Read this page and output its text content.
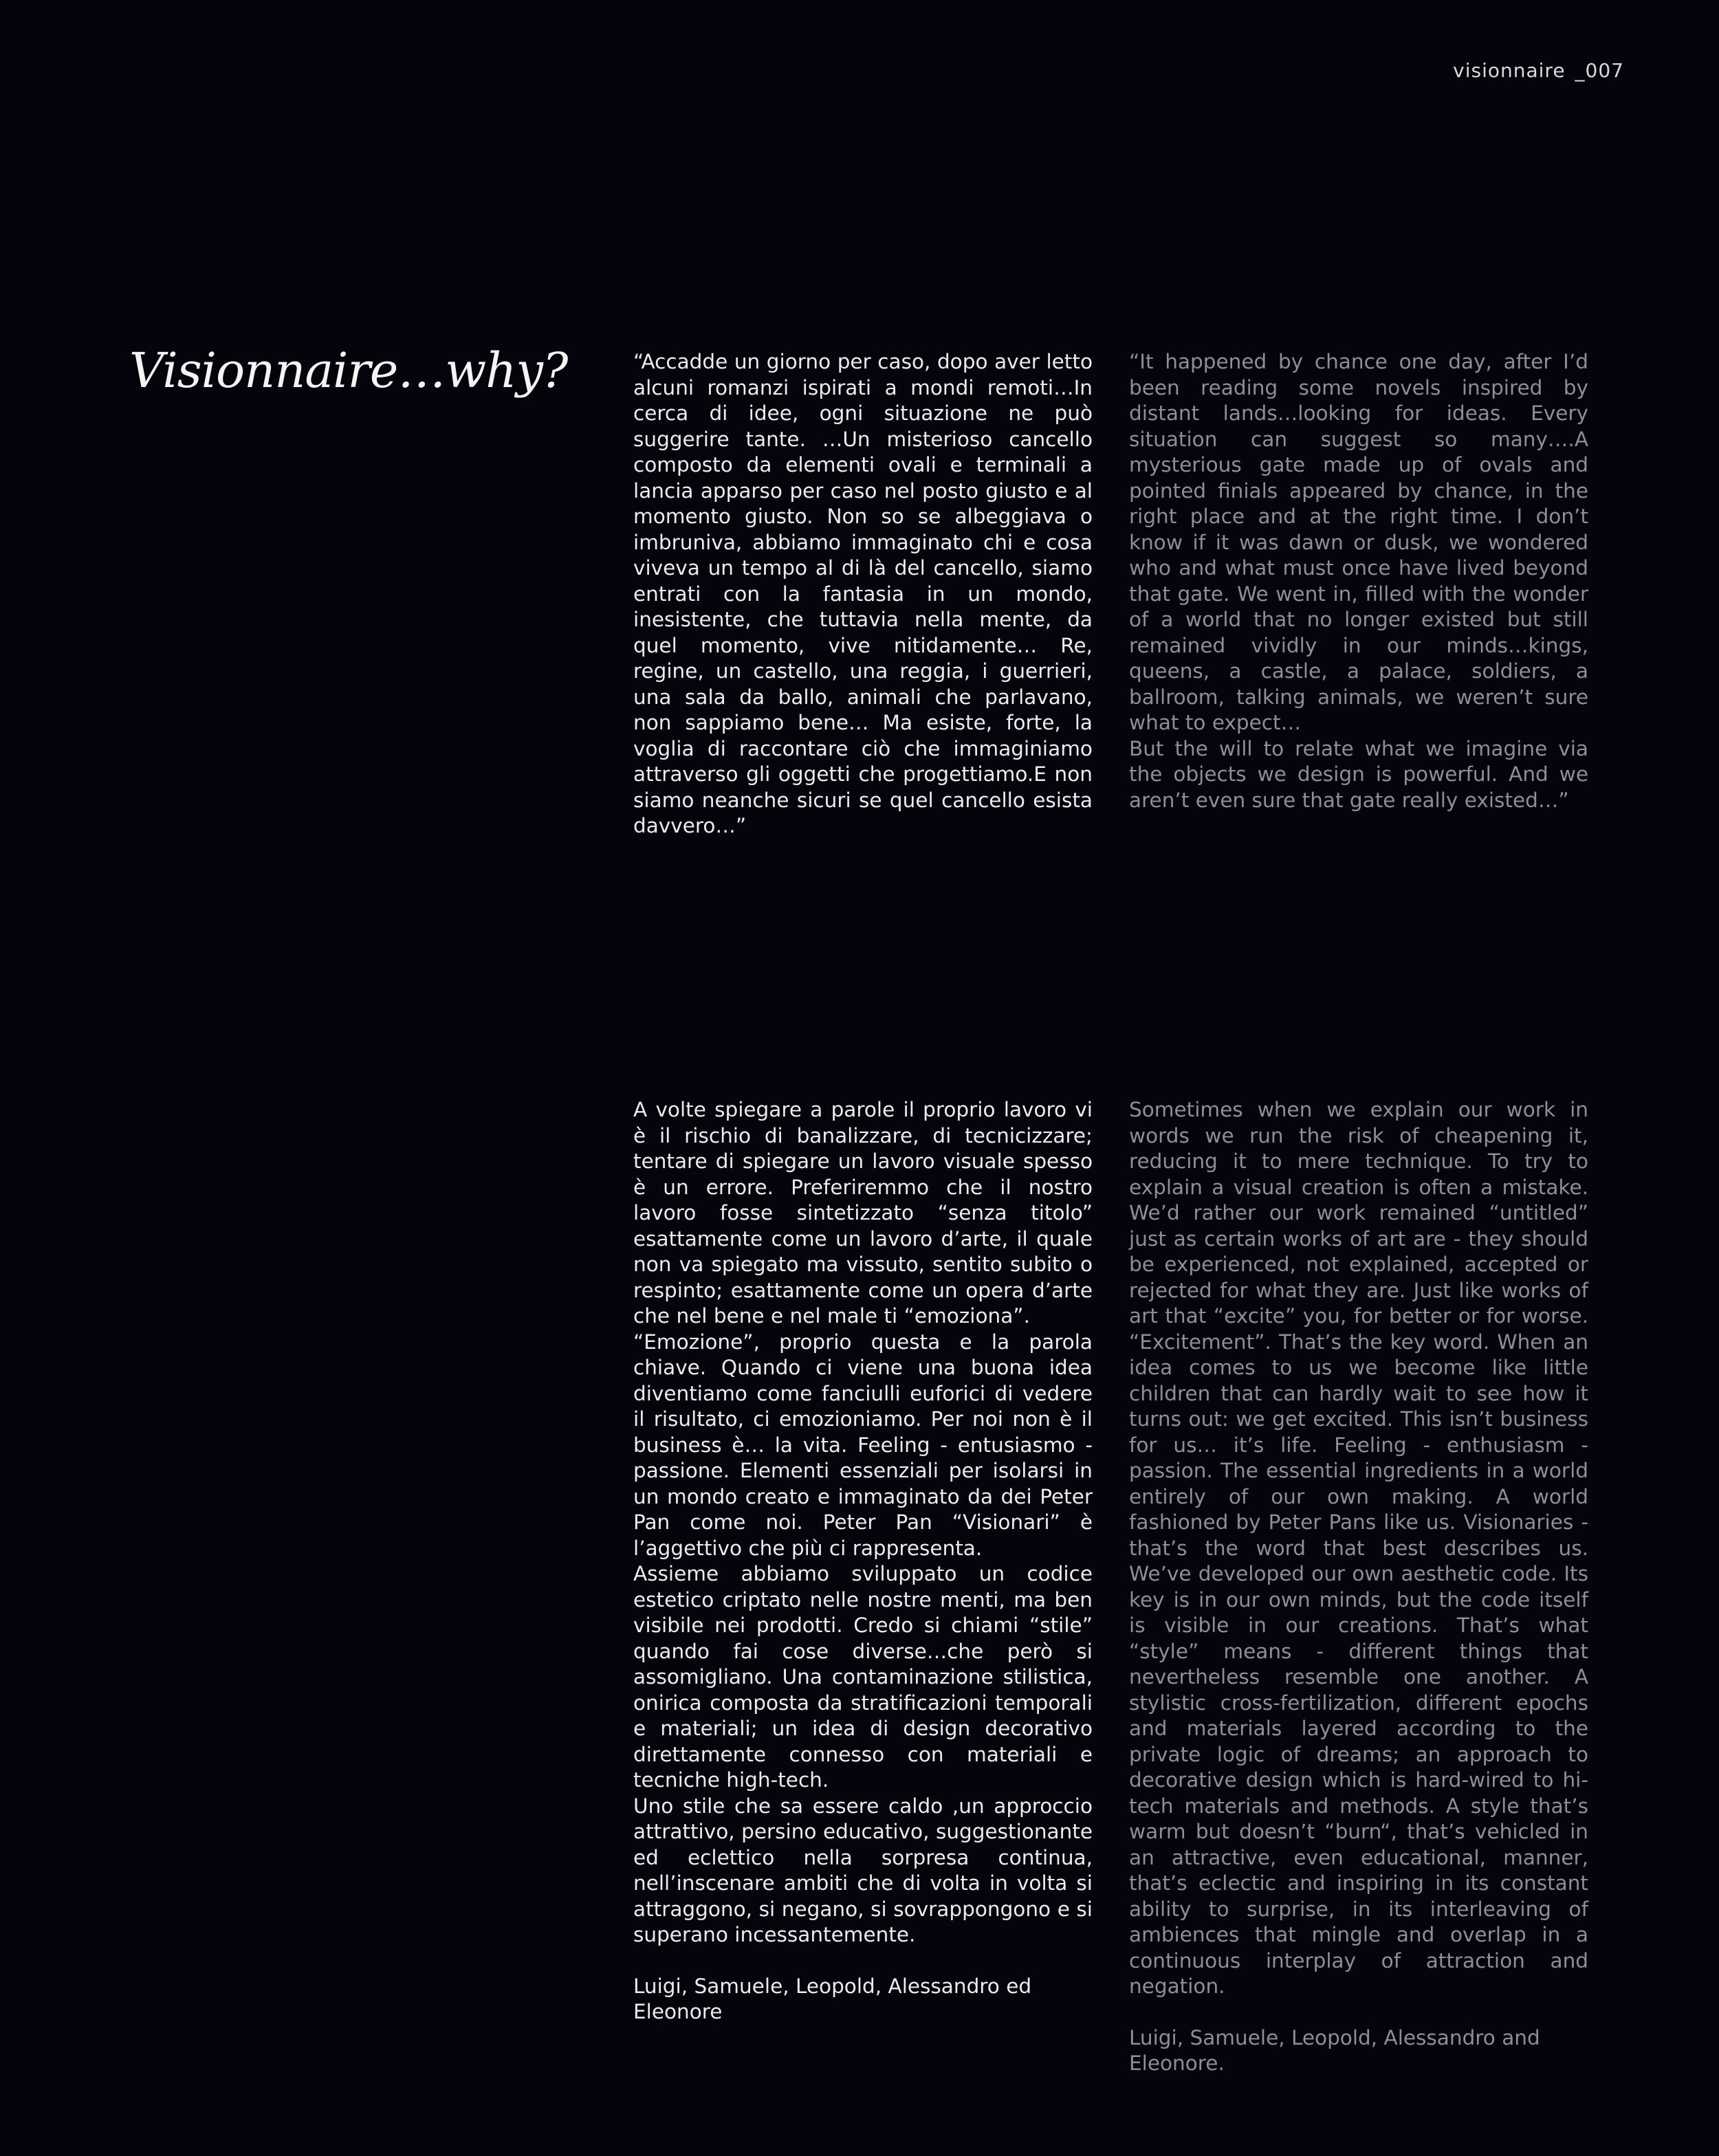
visionnaire _007
Visionnaire…why?	“Accadde un giorno per caso, dopo aver letto alcuni romanzi ispirati a mondi remoti…In cerca di idee, ogni situazione ne può suggerire tante. …Un misterioso cancello composto da elementi ovali e terminali a lancia apparso per caso nel posto giusto e al momento giusto. Non so se albeggiava o imbruniva, abbiamo immaginato chi e cosa viveva un tempo al di là del cancello, siamo entrati con la fantasia in un mondo, inesistente, che tuttavia nella mente, da quel momento, vive nitidamente… Re, regine, un castello, una reggia, i guerrieri, una sala da ballo, animali che parlavano, non sappiamo bene… Ma esiste, forte, la voglia di raccontare ciò che immaginiamo attraverso gli oggetti che progettiamo.E non siamo neanche sicuri se quel cancello esista davvero…”

“It happened by chance one day, after I’d been reading some novels inspired by distant lands…looking for ideas. Every situation can suggest so many….A mysterious gate made up of ovals and pointed finials appeared by chance, in the right place and at the right time. I don’t know if it was dawn or dusk, we wondered who and what must once have lived beyond that gate. We went in, filled with the wonder of a world that no longer existed but still remained vividly in our minds…kings, queens, a castle, a palace, soldiers, a ballroom, talking animals, we weren’t sure what to expect…

But the will to relate what we imagine via the objects we design is powerful. And we aren’t even sure that gate really existed…”

A volte spiegare a parole il proprio lavoro vi è il rischio di banalizzare, di tecnicizzare; tentare di spiegare un lavoro visuale spesso è un errore. Preferiremmo che il nostro lavoro fosse sintetizzato “senza titolo” esattamente come un lavoro d’arte, il quale non va spiegato ma vissuto, sentito subito o respinto; esattamente come un opera d’arte che nel bene e nel male ti “emoziona”.

“Emozione”, proprio questa e la parola chiave. Quando ci viene una buona idea diventiamo come fanciulli euforici di vedere il risultato, ci emozioniamo. Per noi non è il business è… la vita. Feeling - entusiasmo - passione. Elementi essenziali per isolarsi in un mondo creato e immaginato da dei Peter Pan come noi. Peter Pan “Visionari” è l’aggettivo che più ci rappresenta.

Assieme abbiamo sviluppato un codice estetico criptato nelle nostre menti, ma ben visibile nei prodotti. Credo si chiami “stile” quando fai cose diverse…che però si assomigliano. Una contaminazione stilistica, onirica composta da stratificazioni temporali e materiali; un idea di design decorativo direttamente connesso con materiali e tecniche high-tech.

Uno stile che sa essere caldo ,un approccio attrattivo, persino educativo, suggestionante ed eclettico nella sorpresa continua, nell’inscenare ambiti che di volta in volta si attraggono, si negano, si sovrappongono e si superano incessantemente.

Luigi, Samuele, Leopold, Alessandro ed Eleonore

Sometimes when we explain our work in words we run the risk of cheapening it, reducing it to mere technique. To try to explain a visual creation is often a mistake. We’d rather our work remained “untitled” just as certain works of art are - they should be experienced, not explained, accepted or rejected for what they are. Just like works of art that “excite” you, for better or for worse. “Excitement”. That’s the key word. When an idea comes to us we become like little children that can hardly wait to see how it turns out: we get excited. This isn’t business for us… it’s life. Feeling - enthusiasm - passion. The essential ingredients in a world entirely of our own making. A world fashioned by Peter Pans like us. Visionaries - that’s the word that best describes us. We’ve developed our own aesthetic code. Its key is in our own minds, but the code itself is visible in our creations. That’s what “style” means - different things that nevertheless resemble one another. A stylistic cross-fertilization, different epochs and materials layered according to the private logic of dreams; an approach to decorative design which is hard-wired to hi-tech materials and methods. A style that’s warm but doesn’t “burn“, that’s vehicled in an attractive, even educational, manner, that’s eclectic and inspiring in its constant ability to surprise, in its interleaving of ambiences that mingle and overlap in a continuous interplay of attraction and negation.

Luigi, Samuele, Leopold, Alessandro and Eleonore.
